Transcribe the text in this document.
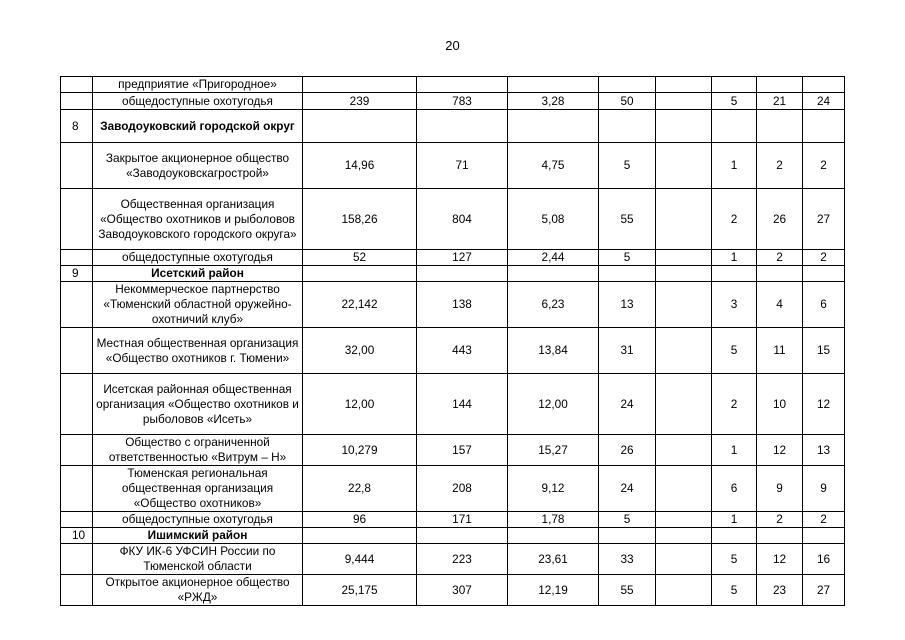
20
	предприятие «Пригородное»								
	общедоступные охотугодья	239	783	3,28	50		5	21	24
8	Заводоуковский городской округ								
	Закрытое акционерное общество «Заводоуковскагрострой»	14,96	71	4,75	5		1	2	2
	Общественная организация «Общество охотников и рыболовов Заводоуковского городского округа»	158,26	804	5,08	55		2	26	27
	общедоступные охотугодья	52	127	2,44	5		1	2	2
9	Исетский район								
	Некоммерческое партнерство «Тюменский областной оружейно-охотничий клуб»	22,142	138	6,23	13		3	4	6
	Местная общественная организация «Общество охотников г. Тюмени»	32,00	443	13,84	31		5	11	15
	Исетская районная общественная организация «Общество охотников и рыболовов «Исеть»	12,00	144	12,00	24		2	10	12
	Общество с ограниченной ответственностью «Витрум – Н»	10,279	157	15,27	26		1	12	13
	Тюменская региональная общественная организация «Общество охотников»	22,8	208	9,12	24		6	9	9
	общедоступные охотугодья	96	171	1,78	5		1	2	2
10	Ишимский район								
	ФКУ ИК-6 УФСИН России по Тюменской области	9,444	223	23,61	33		5	12	16
	Открытое акционерное общество «РЖД»	25,175	307	12,19	55		5	23	27
